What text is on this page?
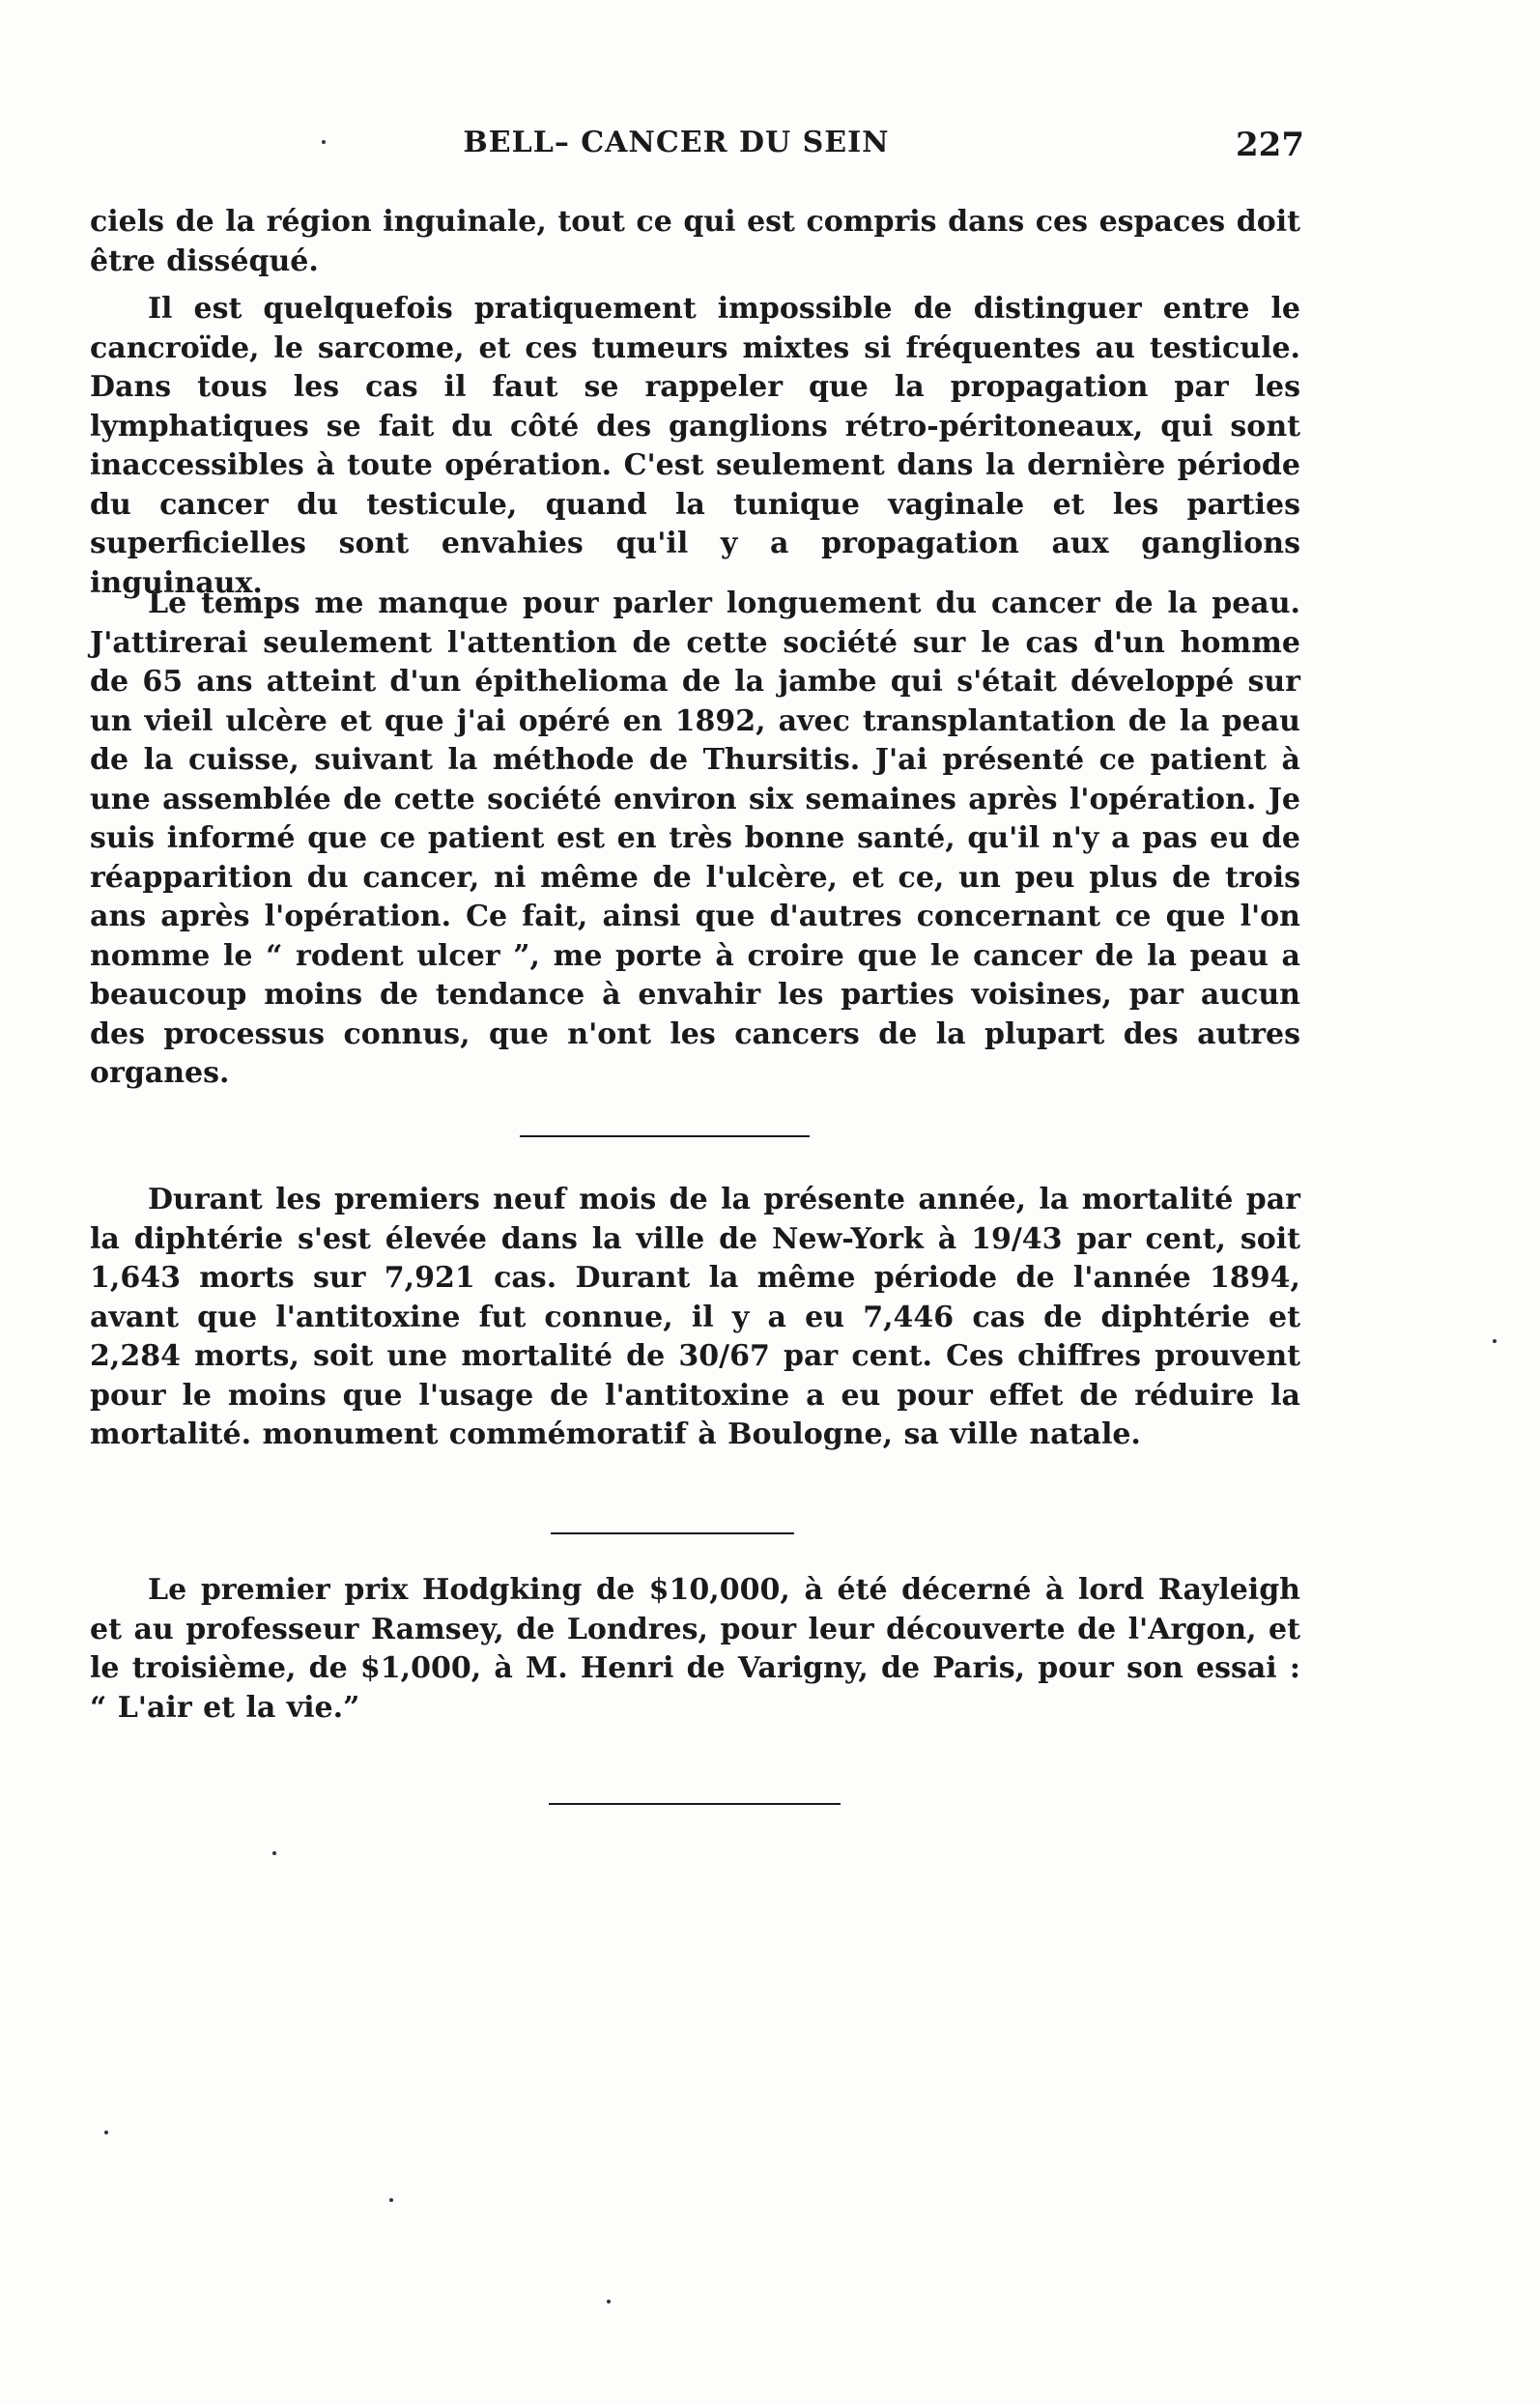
BELL– CANCER DU SEIN	227

ciels de la région inguinale, tout ce qui est compris dans ces espaces doit être disséqué.

Il est quelquefois pratiquement impossible de distinguer entre le cancroïde, le sarcome, et ces tumeurs mixtes si fréquentes au testicule. Dans tous les cas il faut se rappeler que la propagation par les lymphatiques se fait du côté des ganglions rétro-péritoneaux, qui sont inaccessibles à toute opération. C'est seulement dans la dernière période du cancer du testicule, quand la tunique vaginale et les parties superficielles sont envahies qu'il y a propagation aux ganglions inguinaux.

Le temps me manque pour parler longuement du cancer de la peau. J'attirerai seulement l'attention de cette société sur le cas d'un homme de 65 ans atteint d'un épithelioma de la jambe qui s'était développé sur un vieil ulcère et que j'ai opéré en 1892, avec transplantation de la peau de la cuisse, suivant la méthode de Thursitis. J'ai présenté ce patient à une assemblée de cette société environ six semaines après l'opération. Je suis informé que ce patient est en très bonne santé, qu'il n'y a pas eu de réapparition du cancer, ni même de l'ulcère, et ce, un peu plus de trois ans après l'opération. Ce fait, ainsi que d'autres concernant ce que l'on nomme le “ rodent ulcer ”, me porte à croire que le cancer de la peau a beaucoup moins de tendance à envahir les parties voisines, par aucun des processus connus, que n'ont les cancers de la plupart des autres organes.

Durant les premiers neuf mois de la présente année, la mortalité par la diphtérie s'est élevée dans la ville de New-York à 19/43 par cent, soit 1,643 morts sur 7,921 cas. Durant la même période de l'année 1894, avant que l'antitoxine fut connue, il y a eu 7,446 cas de diphtérie et 2,284 morts, soit une mortalité de 30/67 par cent. Ces chiffres prouvent pour le moins que l'usage de l'antitoxine a eu pour effet de réduire la mortalité. monument commémoratif à Boulogne, sa ville natale.

Le premier prix Hodgking de $10,000, à été décerné à lord Rayleigh et au professeur Ramsey, de Londres, pour leur découverte de l'Argon, et le troisième, de $1,000, à M. Henri de Varigny, de Paris, pour son essai : “ L'air et la vie.”
